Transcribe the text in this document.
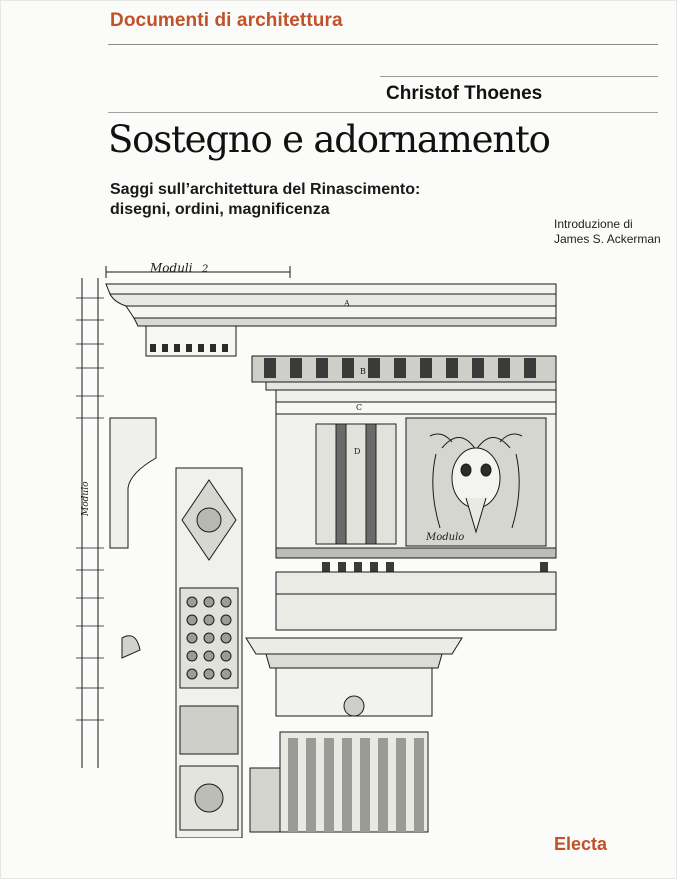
Documenti di architettura
Christof Thoenes
Sostegno e adornamento
Saggi sull’architettura del Rinascimento:
disegni, ordini, magnificenza
Introduzione di
James S. Ackerman
Moduli 2
Modulo
A
B
C
D
Modulo
Electa
